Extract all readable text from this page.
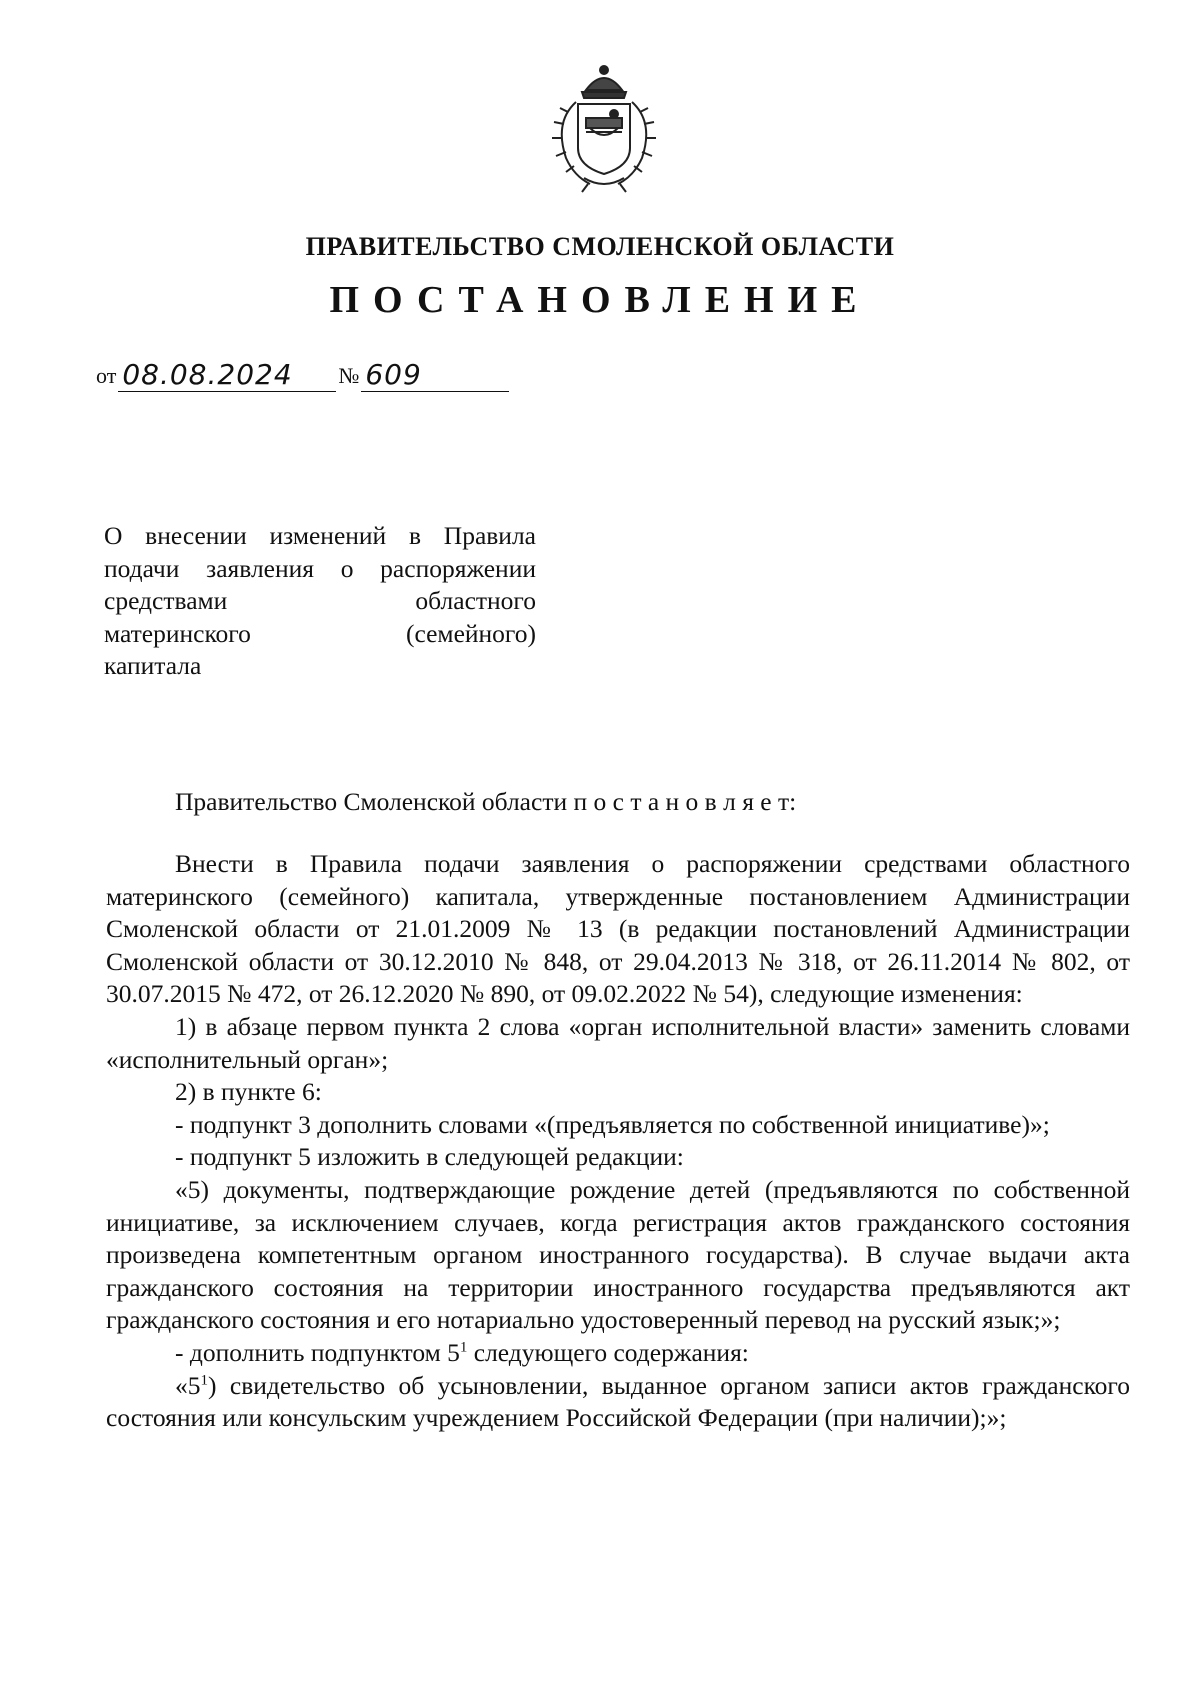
ПРАВИТЕЛЬСТВО СМОЛЕНСКОЙ ОБЛАСТИ
ПОСТАНОВЛЕНИЕ
от 08.08.2024	№ 609
О внесении изменений в Правила
подачи заявления о распоряжении
средствами областного
материнского (семейного)
капитала
Правительство Смоленской области п о с т а н о в л я е т:

Внести в Правила подачи заявления о распоряжении средствами областного материнского (семейного) капитала, утвержденные постановлением Администрации Смоленской области от 21.01.2009 № 13 (в редакции постановлений Администрации Смоленской области от 30.12.2010 № 848, от 29.04.2013 № 318, от 26.11.2014 № 802, от 30.07.2015 № 472, от 26.12.2020 № 890, от 09.02.2022 № 54), следующие изменения:

1) в абзаце первом пункта 2 слова «орган исполнительной власти» заменить словами «исполнительный орган»;

2) в пункте 6:

- подпункт 3 дополнить словами «(предъявляется по собственной инициативе)»;

- подпункт 5 изложить в следующей редакции:

«5) документы, подтверждающие рождение детей (предъявляются по собственной инициативе, за исключением случаев, когда регистрация актов гражданского состояния произведена компетентным органом иностранного государства). В случае выдачи акта гражданского состояния на территории иностранного государства предъявляются акт гражданского состояния и его нотариально удостоверенный перевод на русский язык;»;

- дополнить подпунктом $5^1$ следующего содержания:

«$5^1$) свидетельство об усыновлении, выданное органом записи актов гражданского состояния или консульским учреждением Российской Федерации (при наличии);»;
